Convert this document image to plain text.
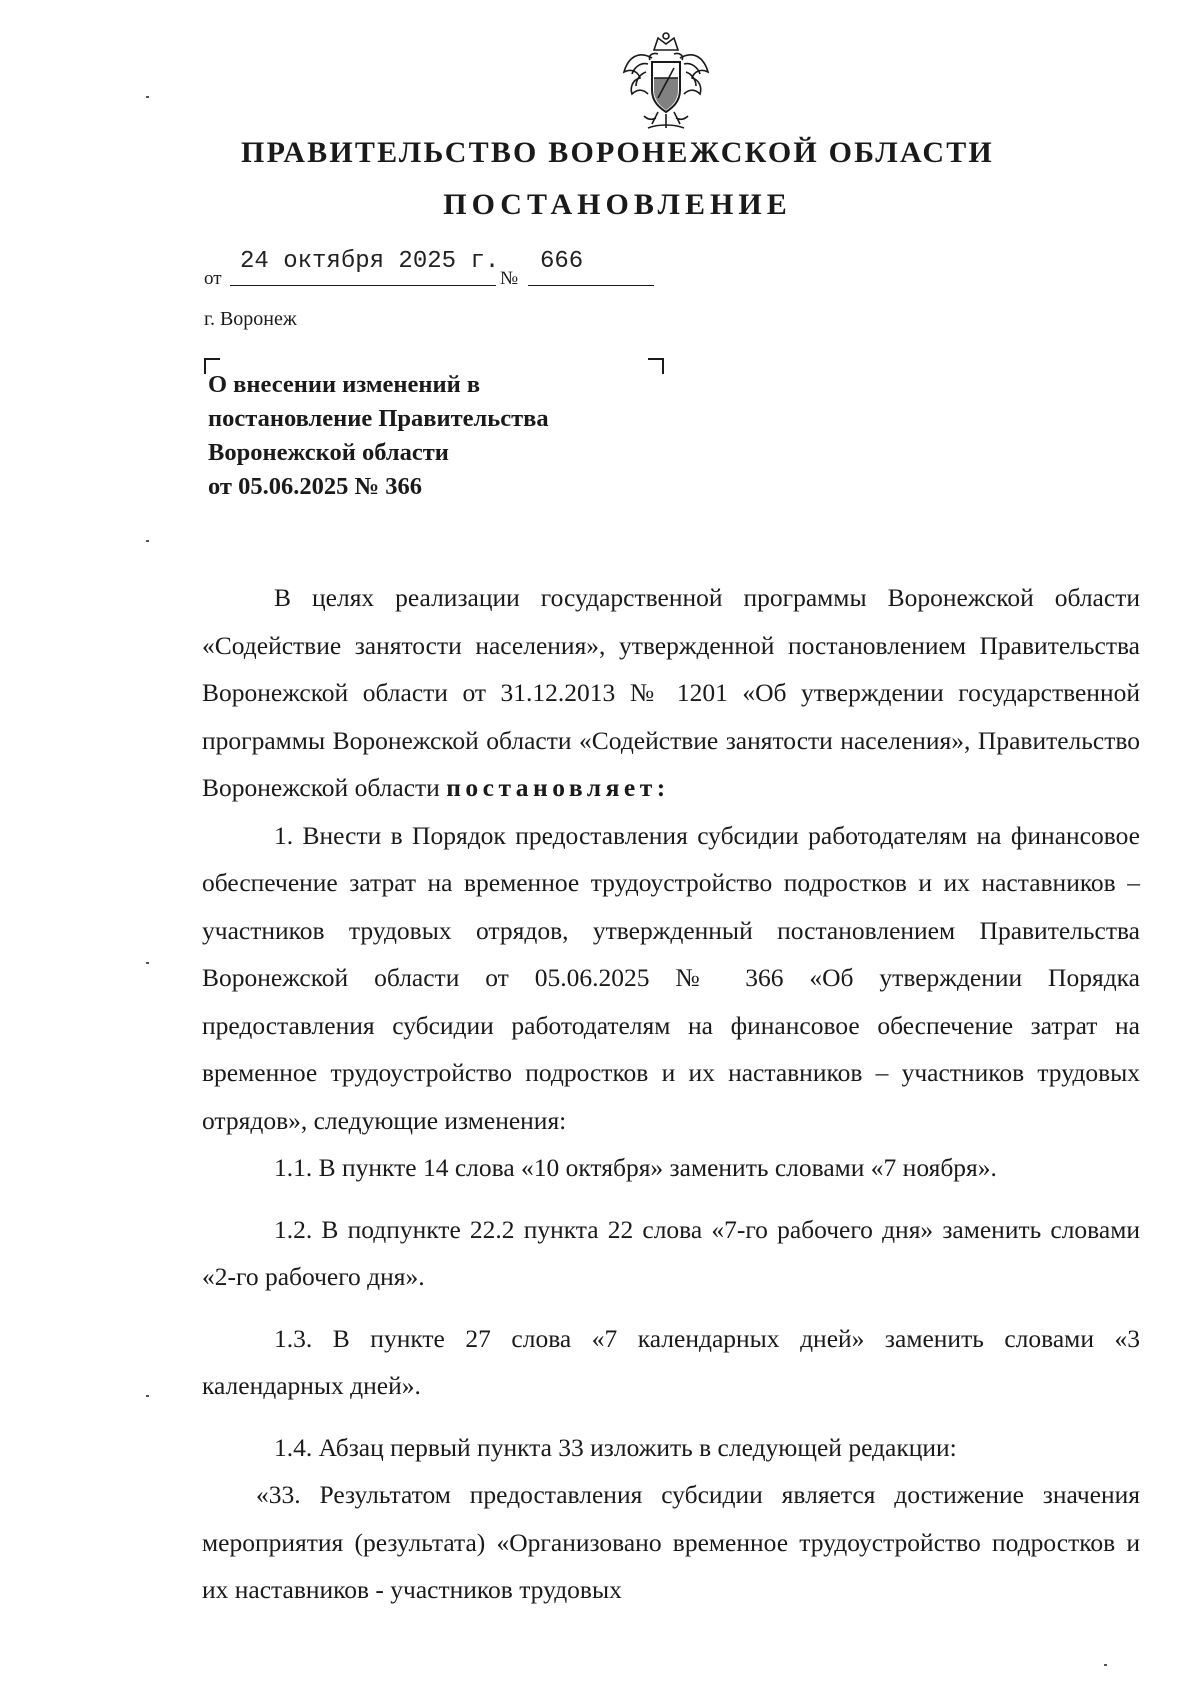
ПРАВИТЕЛЬСТВО ВОРОНЕЖСКОЙ ОБЛАСТИ
ПОСТАНОВЛЕНИЕ
от
24 октября 2025 г.
№
666
г. Воронеж
О внесении изменений в
постановление Правительства
Воронежской области
от 05.06.2025 № 366

В целях реализации государственной программы Воронежской области «Содействие занятости населения», утвержденной постановлением Правительства Воронежской области от 31.12.2013 № 1201 «Об утверждении государственной программы Воронежской области «Содействие занятости населения», Правительство Воронежской области постановляет:

1. Внести в Порядок предоставления субсидии работодателям на финансовое обеспечение затрат на временное трудоустройство подростков и их наставников – участников трудовых отрядов, утвержденный постановлением Правительства Воронежской области от 05.06.2025 № 366 «Об утверждении Порядка предоставления субсидии работодателям на финансовое обеспечение затрат на временное трудоустройство подростков и их наставников – участников трудовых отрядов», следующие изменения:

1.1. В пункте 14 слова «10 октября» заменить словами «7 ноября».

1.2. В подпункте 22.2 пункта 22 слова «7-го рабочего дня» заменить словами «2-го рабочего дня».

1.3. В пункте 27 слова «7 календарных дней» заменить словами «3 календарных дней».

1.4. Абзац первый пункта 33 изложить в следующей редакции:

«33. Результатом предоставления субсидии является достижение значения мероприятия (результата) «Организовано временное трудоустройство подростков и их наставников - участников трудовых
